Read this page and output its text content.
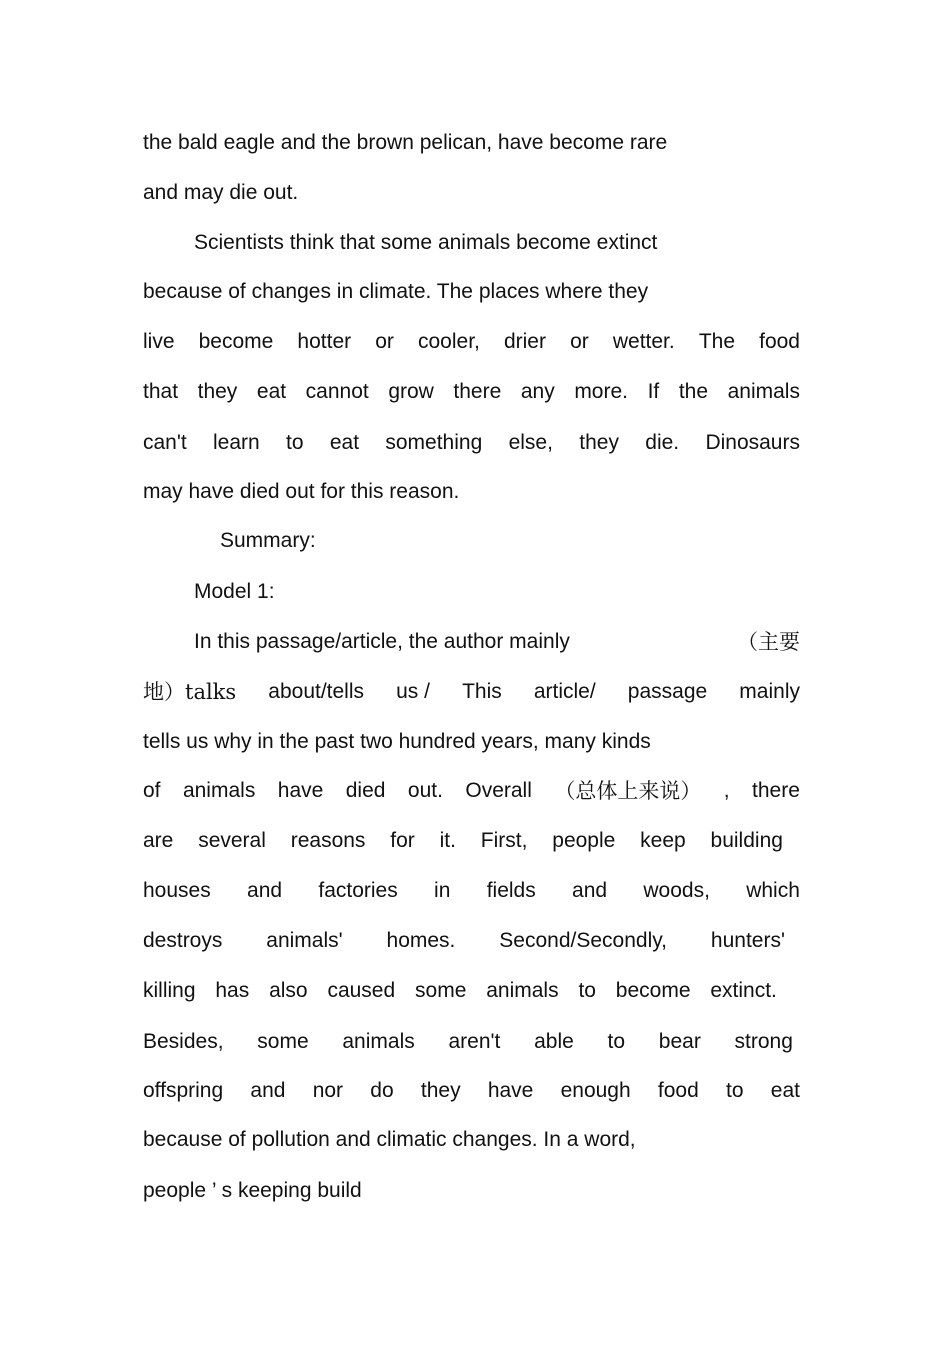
the bald eagle and the brown pelican, have become rare
and may die out.
Scientists think that some animals become extinct
because of changes in climate. The places where they
live become hotter or cooler, drier or wetter. The food
that they eat cannot grow there any more. If the animals
can't learn to eat something else, they die. Dinosaurs
may have died out for this reason.
Summary:
Model 1:
In this passage/article, the author mainly	（主要
地）talks about/tells us / This article/ passage mainly
tells us why in the past two hundred years, many kinds
of animals have died out. Overall （总体上来说） , there
are several reasons for it. First, people keep building
houses and factories in fields and woods, which
destroys animals' homes. Second/Secondly, hunters'
killing has also caused some animals to become extinct.
Besides, some animals aren't able to bear strong
offspring and nor do they have enough food to eat
because of pollution and climatic changes. In a word,
people ’ s keeping build
